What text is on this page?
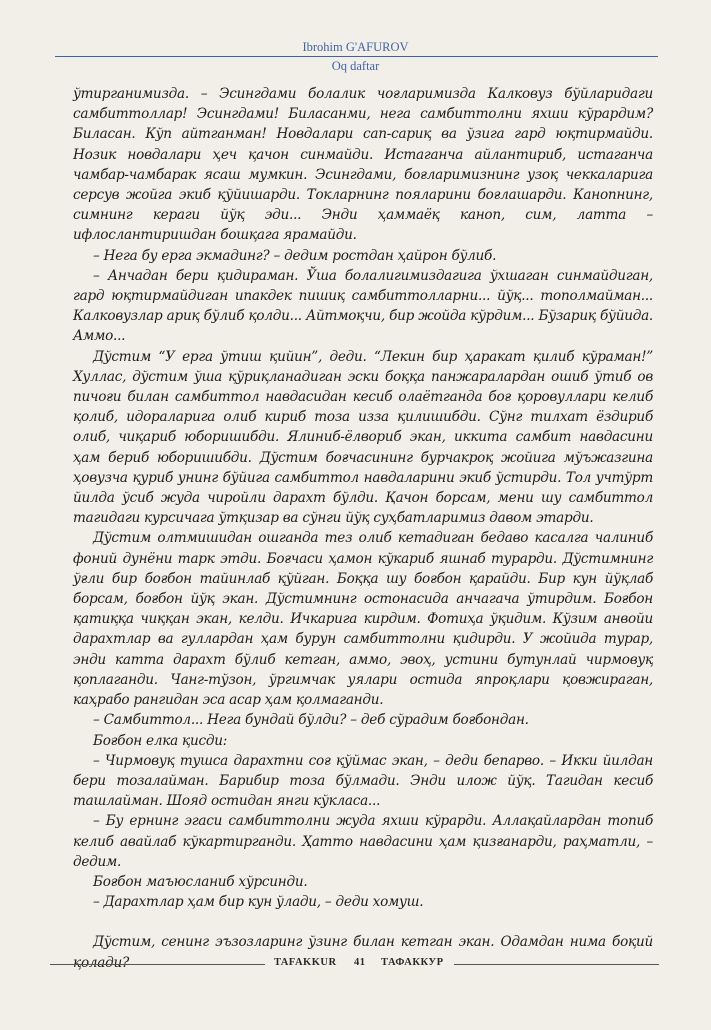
Ibrohim G'AFUROV
Oq daftar

ўтирганимизда. – Эсингдами болалик чоғларимизда Калковуз бўйларидаги самбиттоллар! Эсингдами! Биласанми, нега самбиттолни яхши кўрардим? Биласан. Кўп айтганман! Новдалари сап-сариқ ва ўзига гард юқтирмайди. Нозик новдалари ҳеч қачон синмайди. Истаганча айлантириб, истаганча чамбар-чамбарак ясаш мумкин. Эсингдами, боғларимизнинг узоқ чеккаларига серсув жойга экиб қўйишарди. Токларнинг пояларини боғлашарди. Канопнинг, симнинг кераги йўқ эди... Энди ҳаммаёқ каноп, сим, латта – ифлослантиришдан бошқага ярамайди.

– Нега бу ерга экмадинг? – дедим ростдан ҳайрон бўлиб.

– Анчадан бери қидираман. Ўша болалигимиздагига ўхшаган синмайдиган, гард юқтирмайдиган ипакдек пишиқ самбиттолларни... йўқ... тополмайман... Калковузлар ариқ бўлиб қолди... Айтмоқчи, бир жойда кўрдим... Бўзариқ бўйида. Аммо...

Дўстим “У ерга ўтиш қийин”, деди. “Лекин бир ҳаракат қилиб кўраман!” Хуллас, дўстим ўша қўриқланадиган эски боққа панжаралардан ошиб ўтиб ов пичоғи билан самбиттол навдасидан кесиб олаётганда боғ қоровуллари келиб қолиб, идораларига олиб кириб тоза изза қилишибди. Сўнг тилхат ёздириб олиб, чиқариб юборишибди. Ялиниб-ёлвориб экан, иккита самбит навдасини ҳам бериб юборишибди. Дўстим боғчасининг бурчакроқ жойига мўъжазгина ҳовузча қуриб унинг бўйига самбиттол навдаларини экиб ўстирди. Тол учтўрт йилда ўсиб жуда чиройли дарахт бўлди. Қачон борсам, мени шу самбиттол тагидаги курсичага ўтқизар ва сўнги йўқ суҳбатларимиз давом этарди.

Дўстим олтмишидан ошганда тез олиб кетадиган бедаво касалга чалиниб фоний дунёни тарк этди. Боғчаси ҳамон кўкариб яшнаб турарди. Дўстимнинг ўғли бир боғбон тайинлаб қўйган. Боққа шу боғбон қарайди. Бир кун йўқлаб борсам, боғбон йўқ экан. Дўстимнинг остонасида анчагача ўтирдим. Боғбон қатиққа чиққан экан, келди. Ичкарига кирдим. Фотиҳа ўқидим. Кўзим анвойи дарахтлар ва гуллардан ҳам бурун самбиттолни қидирди. У жойида турар, энди катта дарахт бўлиб кетган, аммо, эвоҳ, устини бутунлай чирмовуқ қоплаганди. Чанг-тўзон, ўргимчак уялари остида япроқлари қовжираган, каҳрабо рангидан эса асар ҳам қолмаганди.

– Самбиттол... Нега бундай бўлди? – деб сўрадим боғбондан.

Боғбон елка қисди:

– Чирмовуқ тушса дарахтни соғ қўймас экан, – деди бепарво. – Икки йилдан бери тозалайман. Барибир тоза бўлмади. Энди илож йўқ. Тагидан кесиб ташлайман. Шояд остидан янги кўкласа...

– Бу ернинг эгаси самбиттолни жуда яхши кўрарди. Аллақайлардан топиб келиб авайлаб кўкартирганди. Ҳатто навдасини ҳам қизғанарди, раҳматли, – дедим.

Боғбон маъюсланиб хўрсинди.

– Дарахтлар ҳам бир кун ўлади, – деди хомуш.

Дўстим, сенинг эъзозларинг ўзинг билан кетган экан. Одамдан нима боқий қолади?	TAFAKKUR 41 ТАФАККУР
